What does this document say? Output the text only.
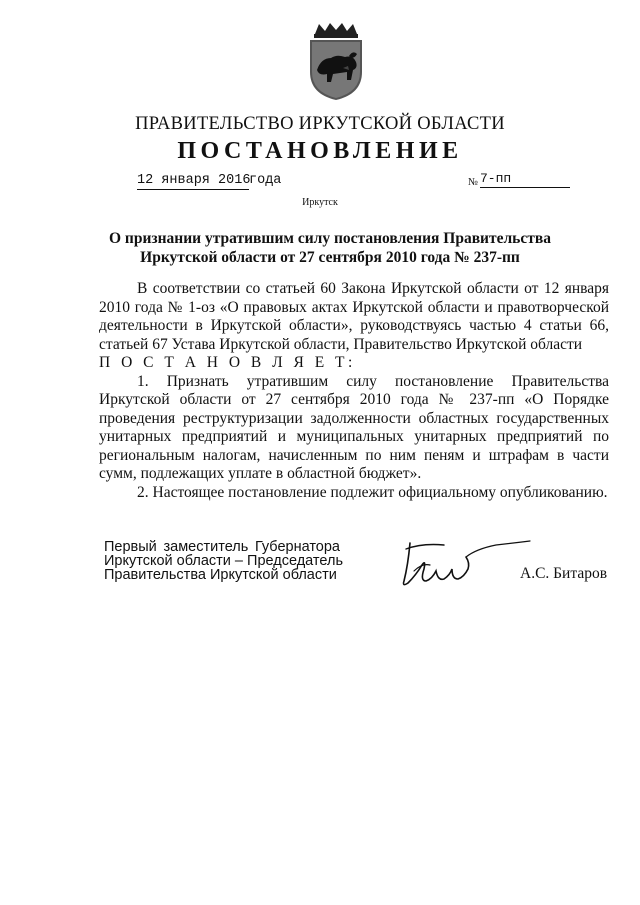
ПРАВИТЕЛЬСТВО ИРКУТСКОЙ ОБЛАСТИ
ПОСТАНОВЛЕНИЕ
12 января 2016
года	№ 7-пп
Иркутск
О признании утратившим силу постановления Правительства
Иркутской области от 27 сентября 2010 года № 237-пп

В соответствии со статьей 60 Закона Иркутской области от 12 января 2010 года № 1-оз «О правовых актах Иркутской области и правотворческой деятельности в Иркутской области», руководствуясь частью 4 статьи 66, статьей 67 Устава Иркутской области, Правительство Иркутской области

П О С Т А Н О В Л Я Е Т:

1. Признать утратившим силу постановление Правительства Иркутской области от 27 сентября 2010 года № 237-пп «О Порядке проведения реструктуризации задолженности областных государственных унитарных предприятий и муниципальных унитарных предприятий по региональным налогам, начисленным по ним пеням и штрафам в части сумм, подлежащих уплате в областной бюджет».

2. Настоящее постановление подлежит официальному опубликованию.

Первый заместитель Губернатора
Иркутской области – Председатель
Правительства Иркутской области	А.С. Битаров
